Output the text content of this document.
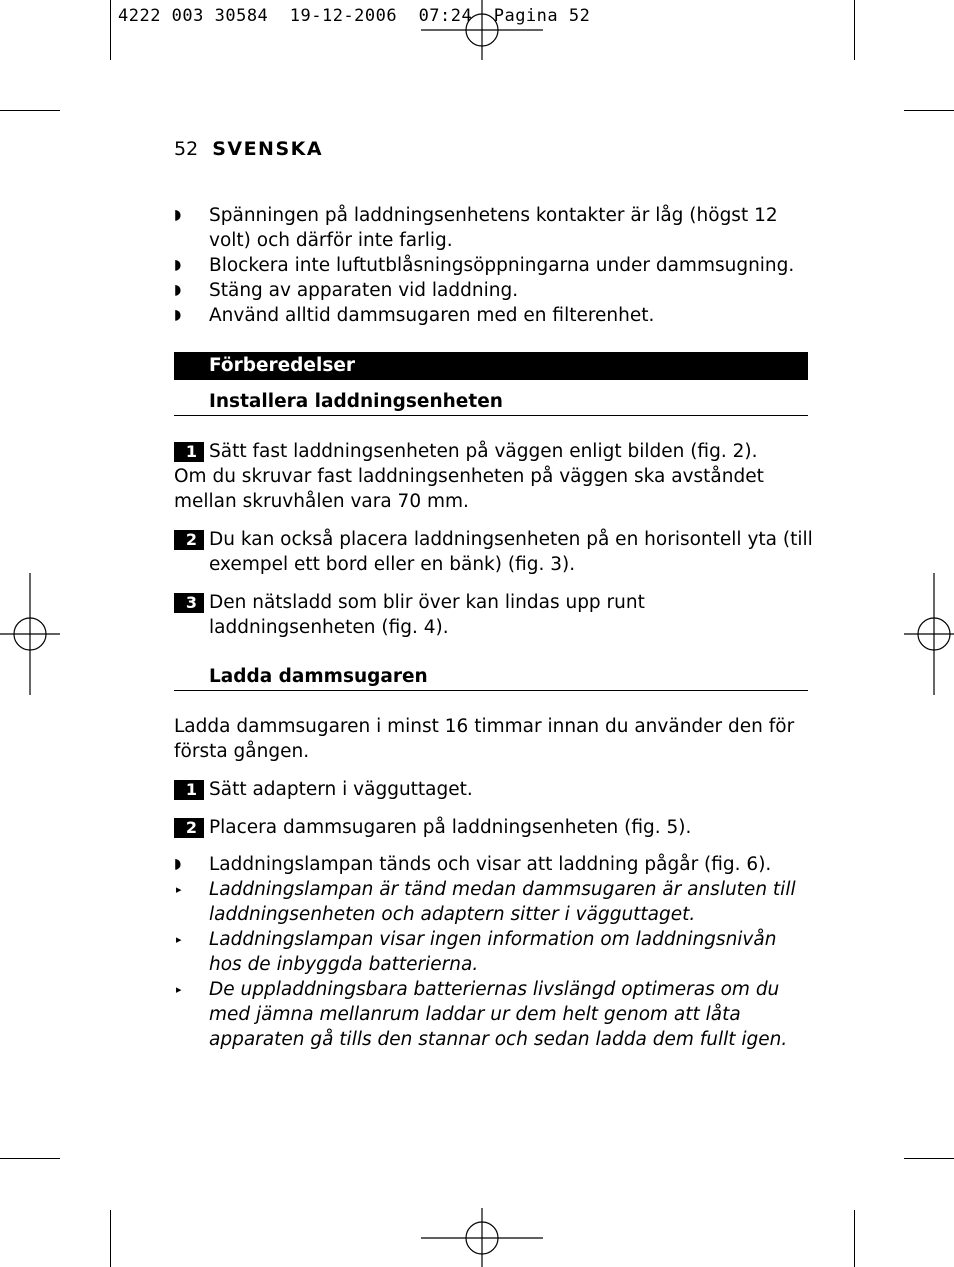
4222 003 30584  19-12-2006  07:24  Pagina 52
52 SVENSKA
◗	Spänningen på laddningsenhetens kontakter är låg (högst 12 volt) och därför inte farlig.
◗	Blockera inte luftutblåsningsöppningarna under dammsugning.
◗	Stäng av apparaten vid laddning.
◗	Använd alltid dammsugaren med en filterenhet.
Förberedelser
Installera laddningsenheten
1 Sätt fast laddningsenheten på väggen enligt bilden (fig. 2).
Om du skruvar fast laddningsenheten på väggen ska avståndet mellan skruvhålen vara 70 mm.
2 Du kan också placera laddningsenheten på en horisontell yta (till exempel ett bord eller en bänk) (fig. 3).
3 Den nätsladd som blir över kan lindas upp runt laddningsenheten (fig. 4).
Ladda dammsugaren
Ladda dammsugaren i minst 16 timmar innan du använder den för första gången.
1 Sätt adaptern i vägguttaget.
2 Placera dammsugaren på laddningsenheten (fig. 5).
◗	Laddningslampan tänds och visar att laddning pågår (fig. 6).
▸ Laddningslampan är tänd medan dammsugaren är ansluten till laddningsenheten och adaptern sitter i vägguttaget.
▸ Laddningslampan visar ingen information om laddningsnivån hos de inbyggda batterierna.
▸ De uppladdningsbara batteriernas livslängd optimeras om du med jämna mellanrum laddar ur dem helt genom att låta apparaten gå tills den stannar och sedan ladda dem fullt igen.
